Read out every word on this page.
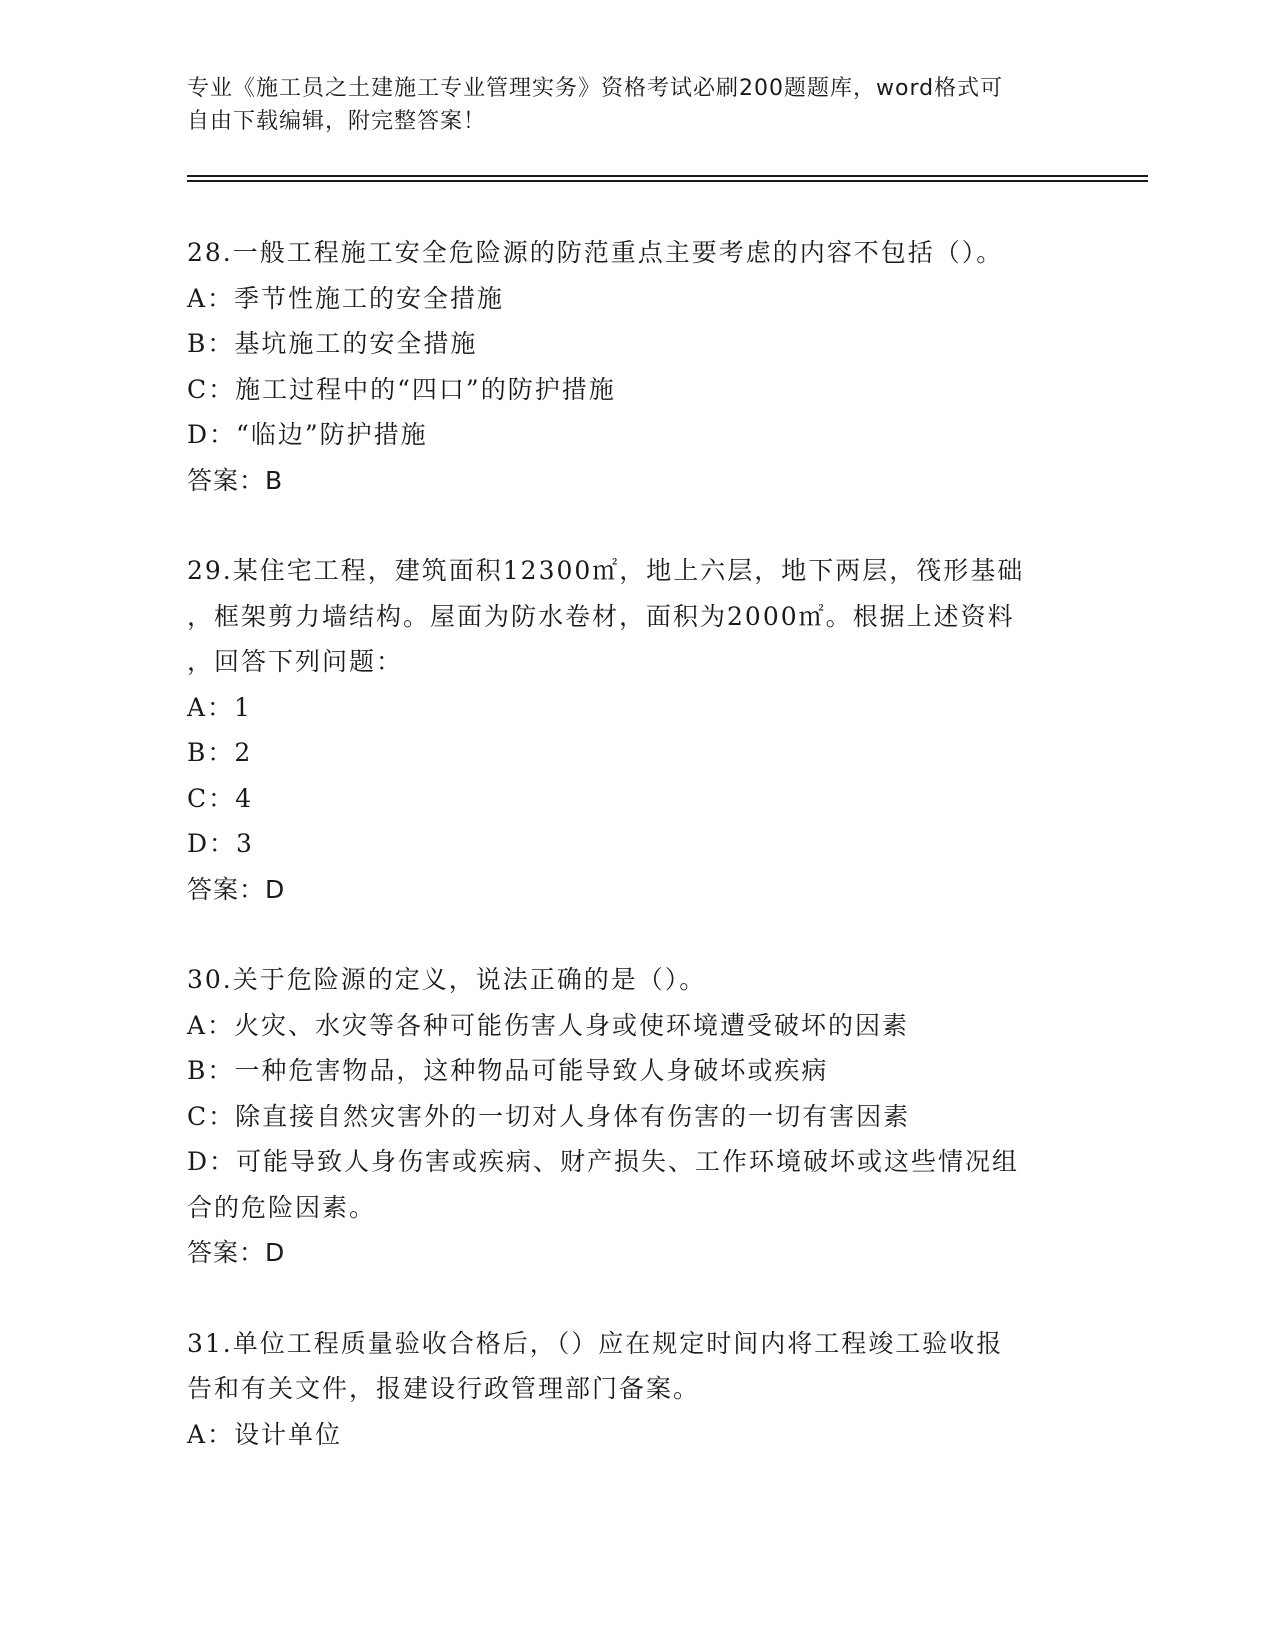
专业《施工员之土建施工专业管理实务》资格考试必刷200题题库，word格式可
自由下载编辑，附完整答案！
28.一般工程施工安全危险源的防范重点主要考虑的内容不包括（）。
A：季节性施工的安全措施
B：基坑施工的安全措施
C：施工过程中的“四口”的防护措施
D：“临边”防护措施
答案：B
29.某住宅工程，建筑面积12300㎡，地上六层，地下两层，筏形基础
，框架剪力墙结构。屋面为防水卷材，面积为2000㎡。根据上述资料
，回答下列问题：
A：1
B：2
C：4
D：3
答案：D
30.关于危险源的定义，说法正确的是（）。
A：火灾、水灾等各种可能伤害人身或使环境遭受破坏的因素
B：一种危害物品，这种物品可能导致人身破坏或疾病
C：除直接自然灾害外的一切对人身体有伤害的一切有害因素
D：可能导致人身伤害或疾病、财产损失、工作环境破坏或这些情况组
合的危险因素。
答案：D
31.单位工程质量验收合格后，（）应在规定时间内将工程竣工验收报
告和有关文件，报建设行政管理部门备案。
A：设计单位
